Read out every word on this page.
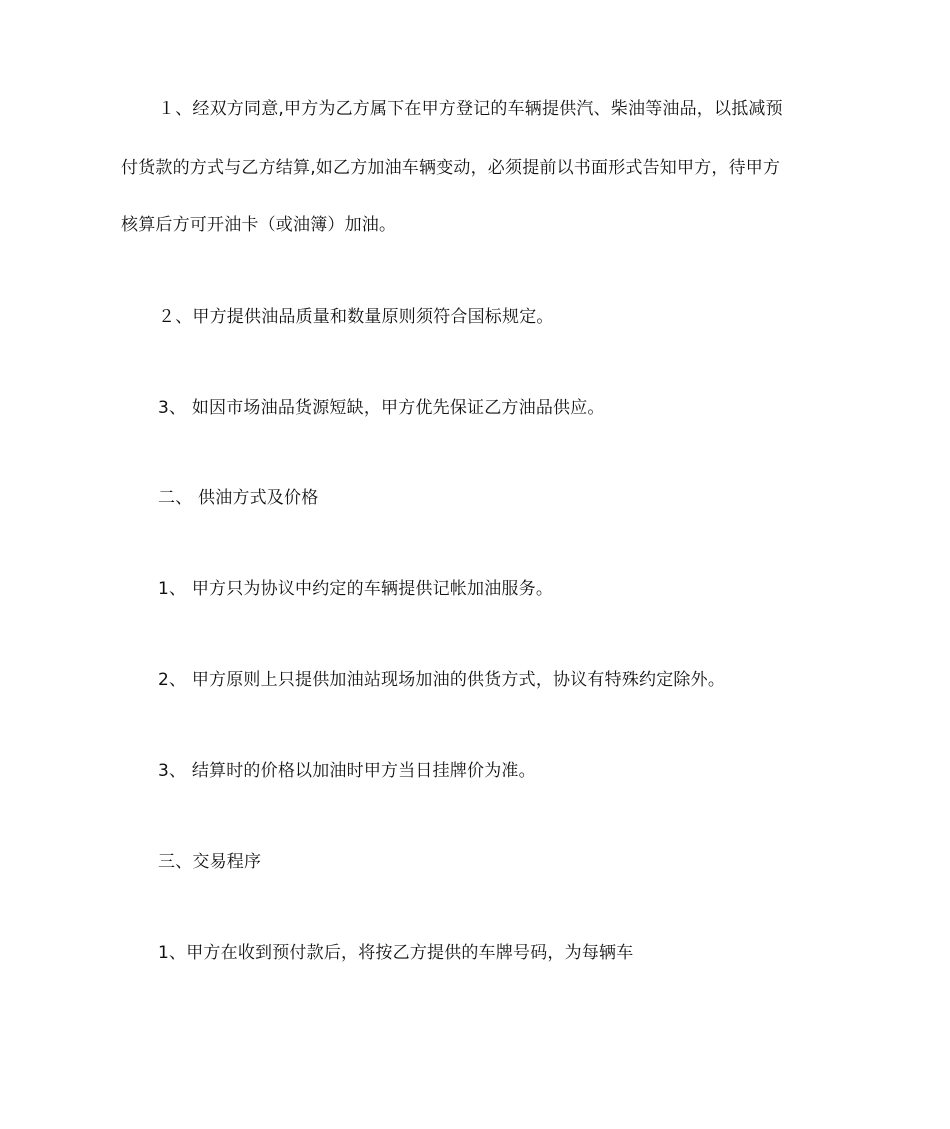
１、经双方同意,甲方为乙方属下在甲方登记的车辆提供汽、柴油等油品，以抵减预
付货款的方式与乙方结算,如乙方加油车辆变动，必须提前以书面形式告知甲方，待甲方
核算后方可开油卡（或油簿）加油。
２、甲方提供油品质量和数量原则须符合国标规定。
3、 如因市场油品货源短缺，甲方优先保证乙方油品供应。
二、 供油方式及价格
1、 甲方只为协议中约定的车辆提供记帐加油服务。
2、 甲方原则上只提供加油站现场加油的供货方式，协议有特殊约定除外。
3、 结算时的价格以加油时甲方当日挂牌价为准。
三、交易程序
1、甲方在收到预付款后，将按乙方提供的车牌号码，为每辆车
